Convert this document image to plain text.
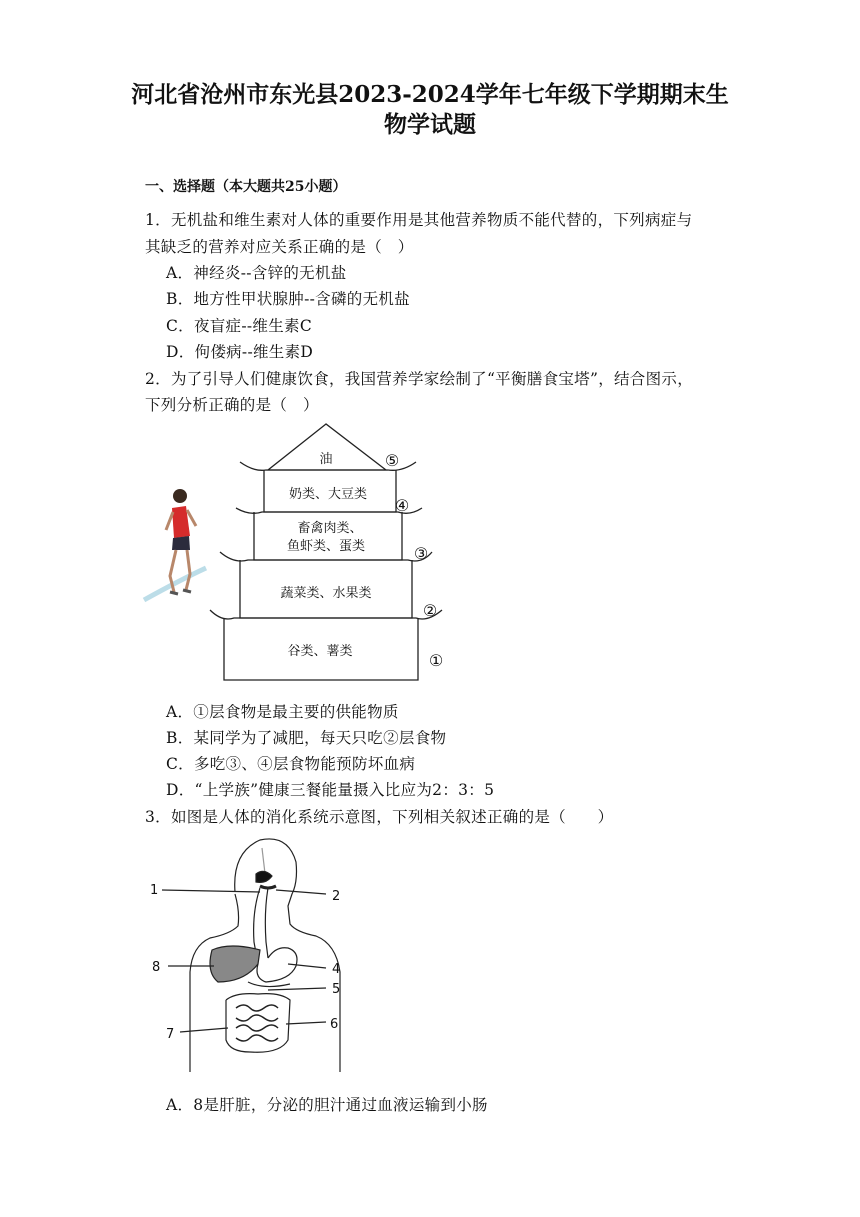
河北省沧州市东光县2023-2024学年七年级下学期期末生
物学试题
一、选择题（本大题共25小题）
1．无机盐和维生素对人体的重要作用是其他营养物质不能代替的，下列病症与
其缺乏的营养对应关系正确的是（　）
A．神经炎--含锌的无机盐
B．地方性甲状腺肿--含磷的无机盐
C．夜盲症--维生素C
D．佝偻病--维生素D
2．为了引导人们健康饮食，我国营养学家绘制了“平衡膳食宝塔”，结合图示，
下列分析正确的是（　）
油
奶类、大豆类
畜禽肉类、
鱼虾类、蛋类
蔬菜类、水果类
谷类、薯类	①
②
③
④
⑤
A．①层食物是最主要的供能物质
B．某同学为了减肥，每天只吃②层食物
C．多吃③、④层食物能预防坏血病
D．“上学族”健康三餐能量摄入比应为2：3：5
3．如图是人体的消化系统示意图，下列相关叙述正确的是（　　）
1	2
8	4
5
7
6
A．8是肝脏，分泌的胆汁通过血液运输到小肠
